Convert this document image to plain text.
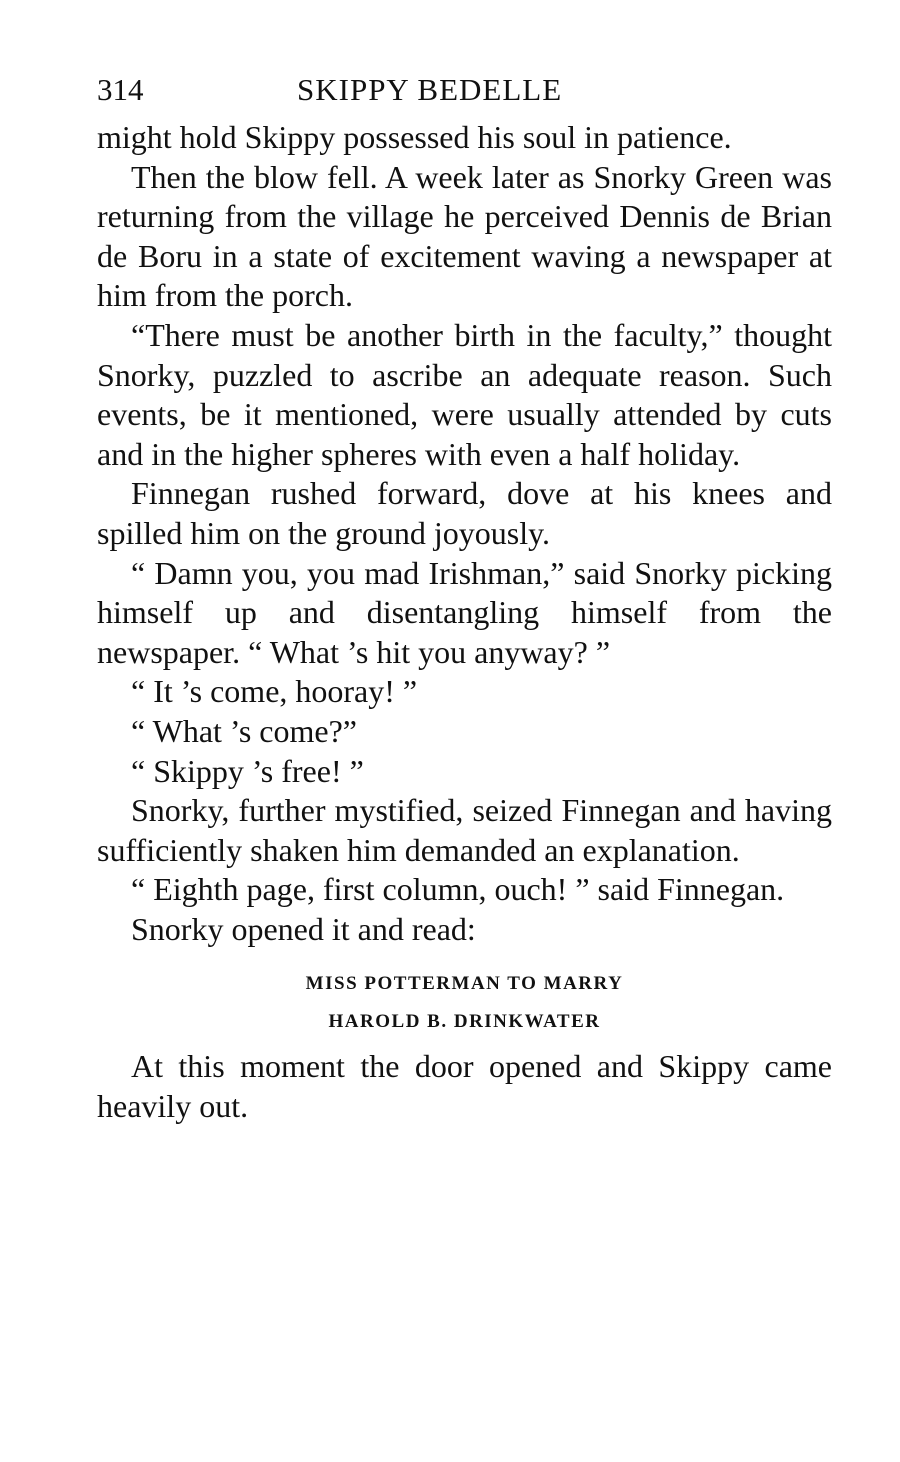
314	SKIPPY BEDELLE

might hold Skippy possessed his soul in patience.

Then the blow fell. A week later as Snorky Green was returning from the village he perceived Dennis de Brian de Boru in a state of excitement waving a newspaper at him from the porch.

“There must be another birth in the faculty,” thought Snorky, puzzled to ascribe an adequate reason. Such events, be it mentioned, were usually attended by cuts and in the higher spheres with even a half holiday.

Finnegan rushed forward, dove at his knees and spilled him on the ground joyously.

“ Damn you, you mad Irishman,” said Snorky picking himself up and disentangling himself from the newspaper. “ What ’s hit you anyway? ”

“ It ’s come, hooray! ”

“ What ’s come?”

“ Skippy ’s free! ”

Snorky, further mystified, seized Finnegan and having sufficiently shaken him demanded an explanation.

“ Eighth page, first column, ouch! ” said Finnegan.

Snorky opened it and read:

MISS POTTERMAN TO MARRY

HAROLD B. DRINKWATER

At this moment the door opened and Skippy came heavily out.
